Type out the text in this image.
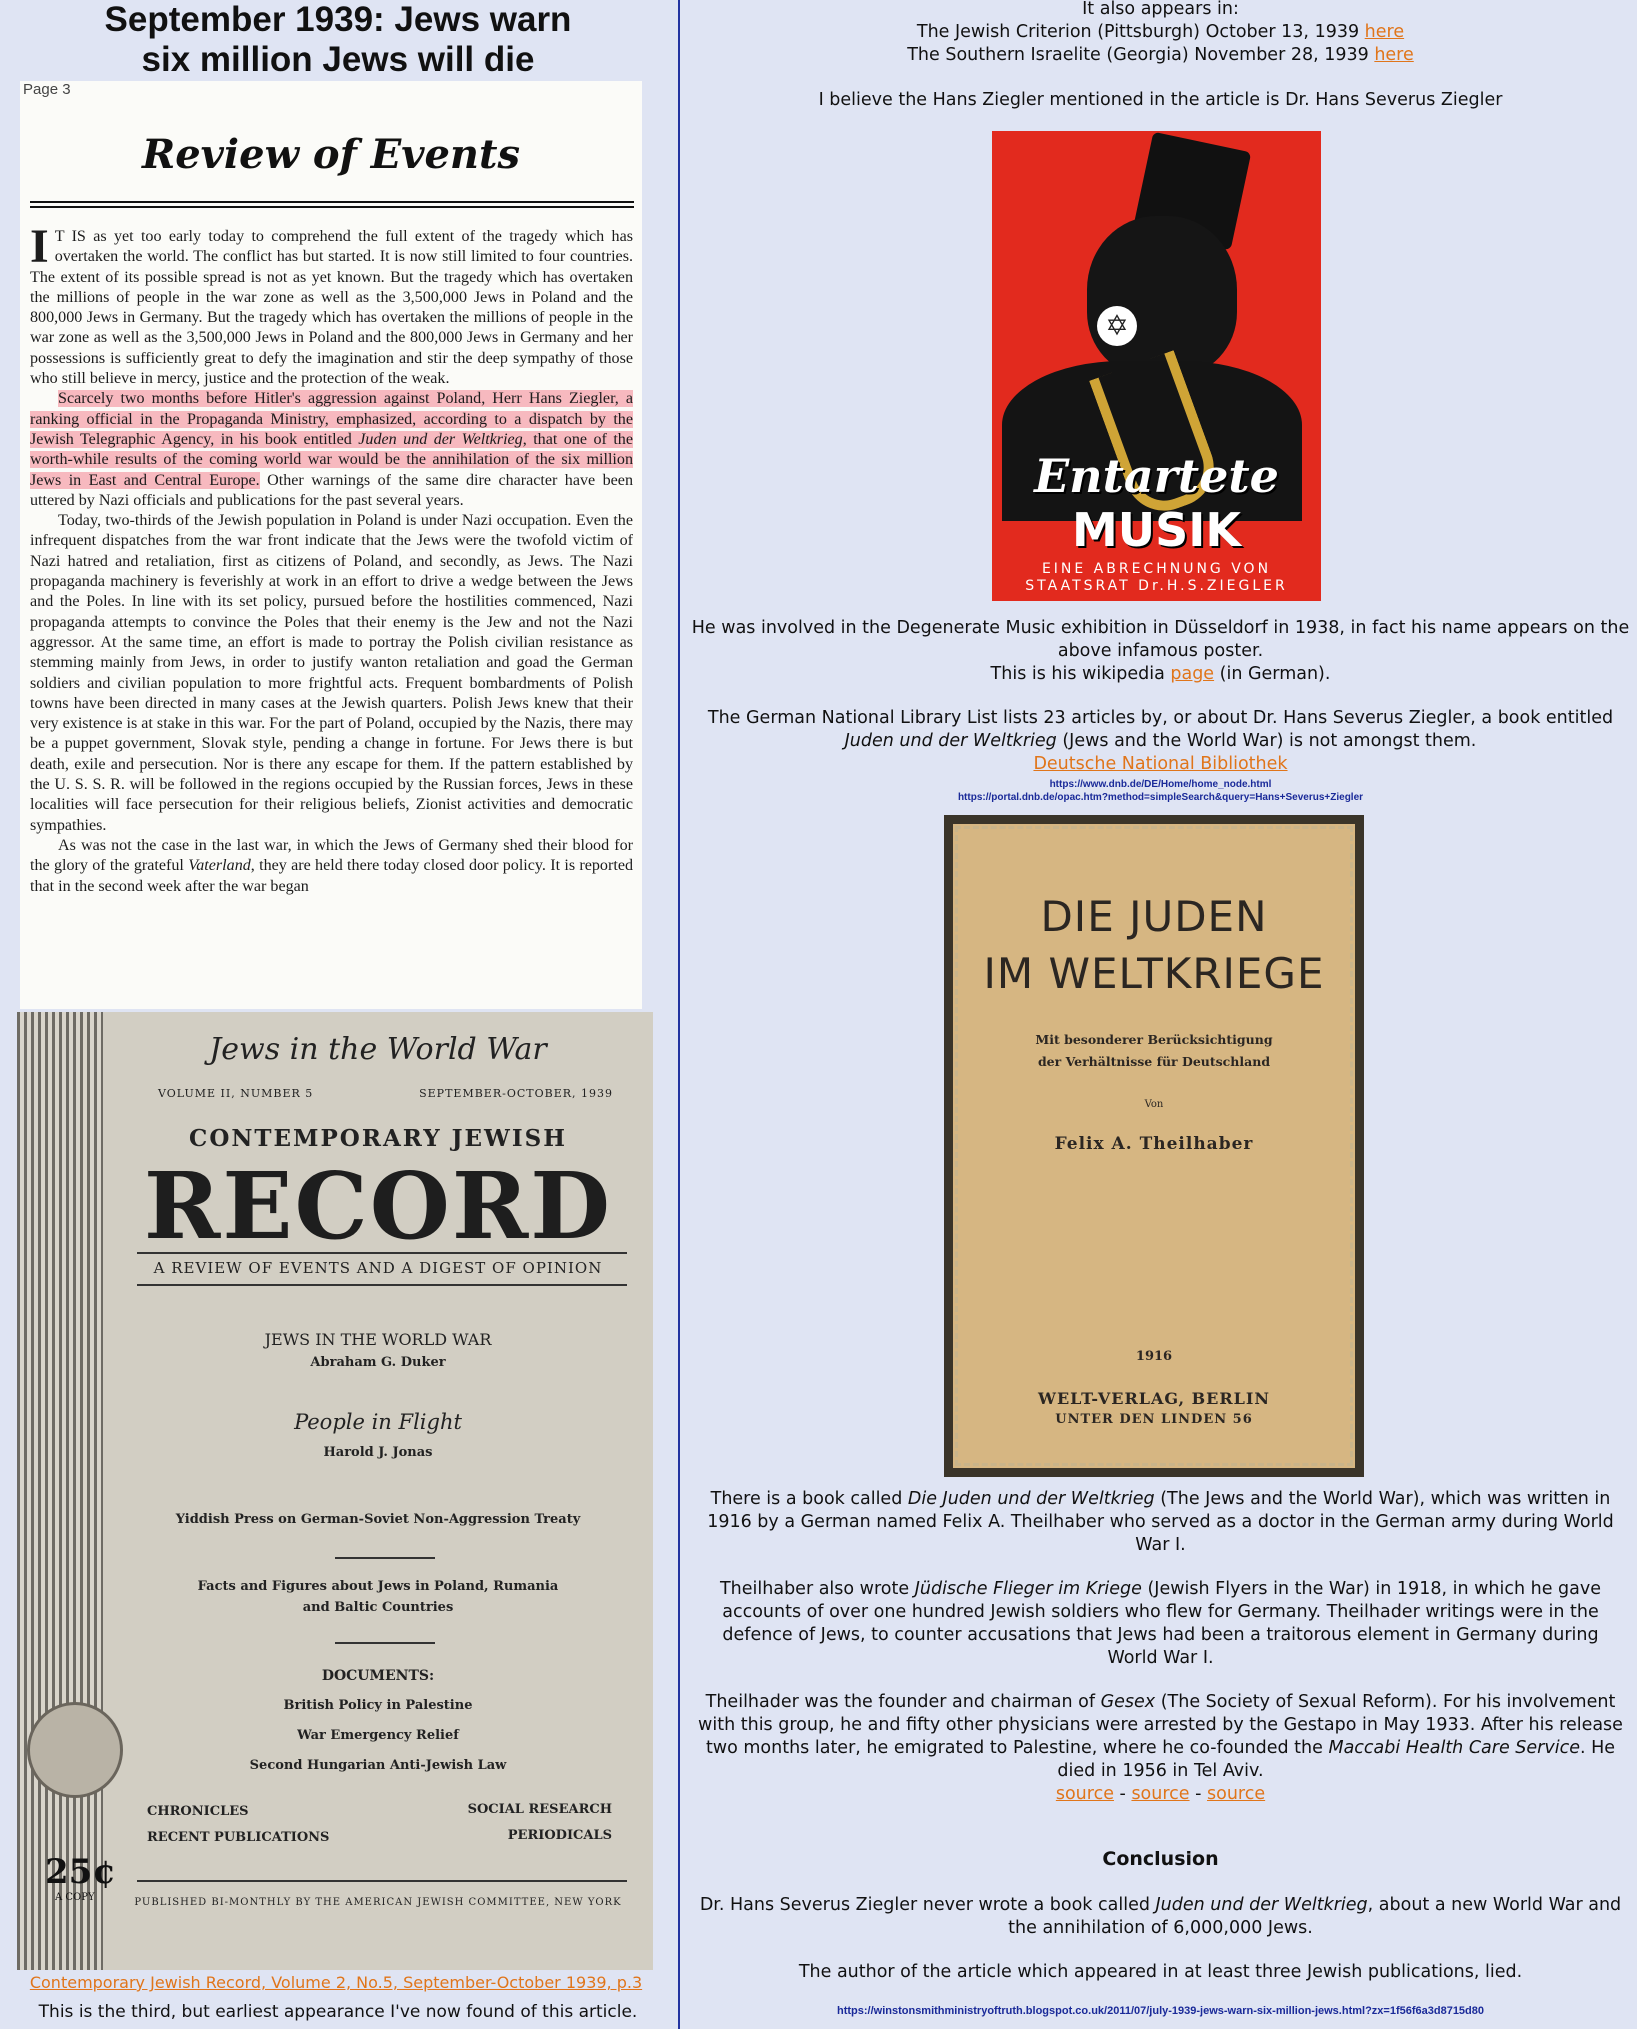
September 1939: Jews warn
six million Jews will die
Page 3
Review of Events

I T IS as yet too early today to comprehend the full extent of the tragedy which has overtaken the world. The conflict has but started. It is now still limited to four countries. The extent of its possible spread is not as yet known. But the tragedy which has overtaken the millions of people in the war zone as well as the 3,500,000 Jews in Poland and the 800,000 Jews in Germany. But the tragedy which has overtaken the millions of people in the war zone as well as the 3,500,000 Jews in Poland and the 800,000 Jews in Germany and her possessions is sufficiently great to defy the imagination and stir the deep sympathy of those who still believe in mercy, justice and the protection of the weak.

Scarcely two months before Hitler's aggression against Poland, Herr Hans Ziegler, a ranking official in the Propaganda Ministry, emphasized, according to a dispatch by the Jewish Telegraphic Agency, in his book entitled Juden und der Weltkrieg, that one of the worth-while results of the coming world war would be the annihilation of the six million Jews in East and Central Europe. Other warnings of the same dire character have been uttered by Nazi officials and publications for the past several years.

Today, two-thirds of the Jewish population in Poland is under Nazi occupation. Even the infrequent dispatches from the war front indicate that the Jews were the twofold victim of Nazi hatred and retaliation, first as citizens of Poland, and secondly, as Jews. The Nazi propaganda machinery is feverishly at work in an effort to drive a wedge between the Jews and the Poles. In line with its set policy, pursued before the hostilities commenced, Nazi propaganda attempts to convince the Poles that their enemy is the Jew and not the Nazi aggressor. At the same time, an effort is made to portray the Polish civilian resistance as stemming mainly from Jews, in order to justify wanton retaliation and goad the German soldiers and civilian population to more frightful acts. Frequent bombardments of Polish towns have been directed in many cases at the Jewish quarters. Polish Jews knew that their very existence is at stake in this war. For the part of Poland, occupied by the Nazis, there may be a puppet government, Slovak style, pending a change in fortune. For Jews there is but death, exile and persecution. Nor is there any escape for them. If the pattern established by the U. S. S. R. will be followed in the regions occupied by the Russian forces, Jews in these localities will face persecution for their religious beliefs, Zionist activities and democratic sympathies.

As was not the case in the last war, in which the Jews of Germany shed their blood for the glory of the grateful Vaterland, they are held there today closed door policy. It is reported that in the second week after the war began

Jews in the World War
VOLUME II, NUMBER 5	SEPTEMBER-OCTOBER, 1939
CONTEMPORARY JEWISH
RECORD
A REVIEW OF EVENTS AND A DIGEST OF OPINION
JEWS IN THE WORLD WAR
Abraham G. Duker
People in Flight
Harold J. Jonas
Yiddish Press on German-Soviet Non-Aggression Treaty
Facts and Figures about Jews in Poland, Rumania
and Baltic Countries
DOCUMENTS:
British Policy in Palestine
War Emergency Relief
Second Hungarian Anti-Jewish Law
CHRONICLES
RECENT PUBLICATIONS
SOCIAL RESEARCH
PERIODICALS
25¢
A COPY	PUBLISHED BI-MONTHLY BY THE AMERICAN JEWISH COMMITTEE, NEW YORK
Contemporary Jewish Record, Volume 2, No.5, September-October 1939, p.3
This is the third, but earliest appearance I've now found of this article.
It also appears in:
The Jewish Criterion (Pittsburgh) October 13, 1939 here
The Southern Israelite (Georgia) November 28, 1939 here
I believe the Hans Ziegler mentioned in the article is Dr. Hans Severus Ziegler
✡
Entartete
MUSIK
EINE ABRECHNUNG VON
STAATSRAT Dr.H.S.ZIEGLER
He was involved in the Degenerate Music exhibition in Düsseldorf in 1938, in fact his name appears on the
above infamous poster.
This is his wikipedia page (in German).
The German National Library List lists 23 articles by, or about Dr. Hans Severus Ziegler, a book entitled
Juden und der Weltkrieg (Jews and the World War) is not amongst them.
Deutsche National Bibliothek
https://www.dnb.de/DE/Home/home_node.html
https://portal.dnb.de/opac.htm?method=simpleSearch&query=Hans+Severus+Ziegler
DIE JUDEN
IM WELTKRIEGE
Mit besonderer Berücksichtigung
der Verhältnisse für Deutschland
Von
Felix A. Theilhaber
1916
WELT-VERLAG, BERLIN
UNTER DEN LINDEN 56
There is a book called Die Juden und der Weltkrieg (The Jews and the World War), which was written in
1916 by a German named Felix A. Theilhaber who served as a doctor in the German army during World
War I.
Theilhaber also wrote Jüdische Flieger im Kriege (Jewish Flyers in the War) in 1918, in which he gave
accounts of over one hundred Jewish soldiers who flew for Germany. Theilhader writings were in the
defence of Jews, to counter accusations that Jews had been a traitorous element in Germany during
World War I.
Theilhader was the founder and chairman of Gesex (The Society of Sexual Reform). For his involvement
with this group, he and fifty other physicians were arrested by the Gestapo in May 1933. After his release
two months later, he emigrated to Palestine, where he co-founded the Maccabi Health Care Service. He
died in 1956 in Tel Aviv.
source - source - source
Conclusion
Dr. Hans Severus Ziegler never wrote a book called Juden und der Weltkrieg, about a new World War and
the annihilation of 6,000,000 Jews.
The author of the article which appeared in at least three Jewish publications, lied.
https://winstonsmithministryoftruth.blogspot.co.uk/2011/07/july-1939-jews-warn-six-million-jews.html?zx=1f56f6a3d8715d80
